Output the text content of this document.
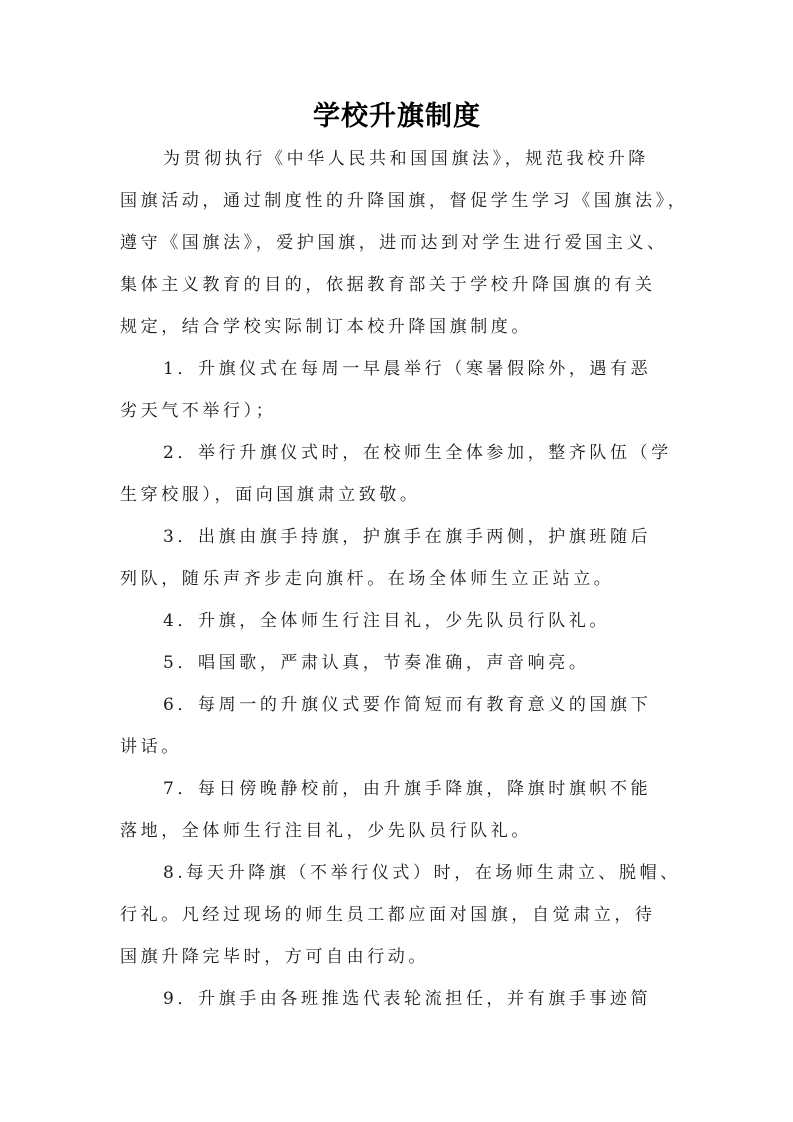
学校升旗制度
为贯彻执行《中华人民共和国国旗法》，规范我校升降
国旗活动，通过制度性的升降国旗，督促学生学习《国旗法》，
遵守《国旗法》，爱护国旗，进而达到对学生进行爱国主义、
集体主义教育的目的，依据教育部关于学校升降国旗的有关
规定，结合学校实际制订本校升降国旗制度。
1．升旗仪式在每周一早晨举行（寒暑假除外，遇有恶
劣天气不举行）；
2．举行升旗仪式时，在校师生全体参加，整齐队伍（学
生穿校服），面向国旗肃立致敬。
3．出旗由旗手持旗，护旗手在旗手两侧，护旗班随后
列队，随乐声齐步走向旗杆。在场全体师生立正站立。
4．升旗，全体师生行注目礼，少先队员行队礼。
5．唱国歌，严肃认真，节奏准确，声音响亮。
6．每周一的升旗仪式要作简短而有教育意义的国旗下
讲话。
7．每日傍晚静校前，由升旗手降旗，降旗时旗帜不能
落地，全体师生行注目礼，少先队员行队礼。
8.每天升降旗（不举行仪式）时，在场师生肃立、脱帽、
行礼。凡经过现场的师生员工都应面对国旗，自觉肃立，待
国旗升降完毕时，方可自由行动。
9．升旗手由各班推选代表轮流担任，并有旗手事迹简
